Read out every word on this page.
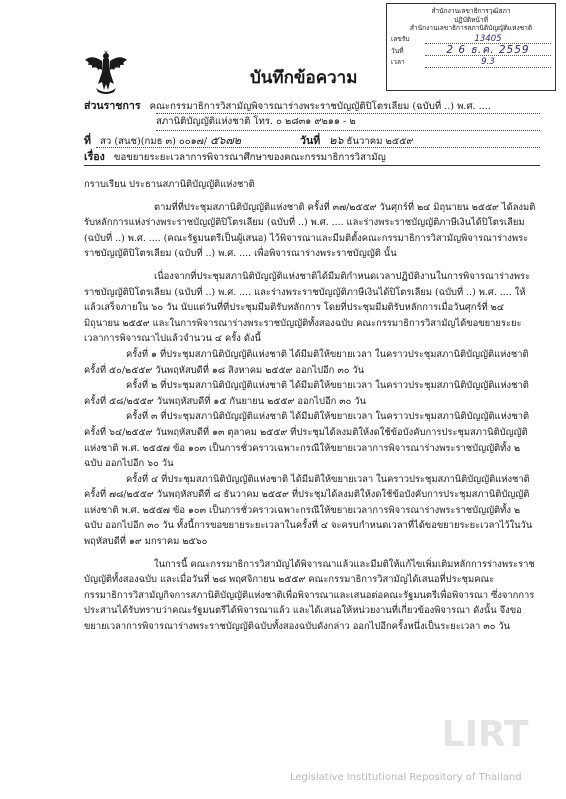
สำนักงานเลขาธิการวุฒิสภา
ปฏิบัติหน้าที่
สำนักงานเลขาธิการสภานิติบัญญัติแห่งชาติ
เลขรับ	13405
วันที่	2 6 ธ.ค. 2559
เวลา	9.3
บันทึกข้อความ
ส่วนราชการ คณะกรรมาธิการวิสามัญพิจารณาร่างพระราชบัญญัติปิโตรเลียม (ฉบับที่ ..) พ.ศ. ....
สภานิติบัญญัติแห่งชาติ โทร. ๐ ๒๘๓๑ ๙๒๑๑ - ๒
ที่ สว (สนช)(กมธ ๓) ๐๐๑๗/ ๕๖๗๒	วันที่ ๒๖ ธันวาคม ๒๕๕๙
เรื่อง ขอขยายระยะเวลาการพิจารณาศึกษาของคณะกรรมาธิการวิสามัญ

กราบเรียน ประธานสภานิติบัญญัติแห่งชาติ

ตามที่ที่ประชุมสภานิติบัญญัติแห่งชาติ ครั้งที่ ๓๗/๒๕๕๙ วันศุกร์ที่ ๒๔ มิถุนายน ๒๕๕๙ ได้ลงมติรับหลักการแห่งร่างพระราชบัญญัติปิโตรเลียม (ฉบับที่ ..) พ.ศ. .... และร่างพระราชบัญญัติภาษีเงินได้ปิโตรเลียม (ฉบับที่ ..) พ.ศ. .... (คณะรัฐมนตรีเป็นผู้เสนอ) ไว้พิจารณาและมีมติตั้งคณะกรรมาธิการวิสามัญพิจารณาร่างพระราชบัญญัติปิโตรเลียม (ฉบับที่ ..) พ.ศ. .... เพื่อพิจารณาร่างพระราชบัญญัติ นั้น

เนื่องจากที่ประชุมสภานิติบัญญัติแห่งชาติได้มีมติกำหนดเวลาปฏิบัติงานในการพิจารณาร่างพระราชบัญญัติปิโตรเลียม (ฉบับที่ ..) พ.ศ. .... และร่างพระราชบัญญัติภาษีเงินได้ปิโตรเลียม (ฉบับที่ ..) พ.ศ. .... ให้แล้วเสร็จภายใน ๖๐ วัน นับแต่วันที่ที่ประชุมมีมติรับหลักการ โดยที่ประชุมมีมติรับหลักการเมื่อวันศุกร์ที่ ๒๔ มิถุนายน ๒๕๕๙ และในการพิจารณาร่างพระราชบัญญัติทั้งสองฉบับ คณะกรรมาธิการวิสามัญได้ขอขยายระยะเวลาการพิจารณาไปแล้วจำนวน ๔ ครั้ง ดังนี้

ครั้งที่ ๑ ที่ประชุมสภานิติบัญญัติแห่งชาติ ได้มีมติให้ขยายเวลา ในคราวประชุมสภานิติบัญญัติแห่งชาติ ครั้งที่ ๕๐/๒๕๕๙ วันพฤหัสบดีที่ ๑๘ สิงหาคม ๒๕๕๙ ออกไปอีก ๓๐ วัน

ครั้งที่ ๒ ที่ประชุมสภานิติบัญญัติแห่งชาติ ได้มีมติให้ขยายเวลา ในคราวประชุมสภานิติบัญญัติแห่งชาติ ครั้งที่ ๕๘/๒๕๕๙ วันพฤหัสบดีที่ ๑๕ กันยายน ๒๕๕๙ ออกไปอีก ๓๐ วัน

ครั้งที่ ๓ ที่ประชุมสภานิติบัญญัติแห่งชาติ ได้มีมติให้ขยายเวลา ในคราวประชุมสภานิติบัญญัติแห่งชาติ ครั้งที่ ๖๔/๒๕๕๙ วันพฤหัสบดีที่ ๑๓ ตุลาคม ๒๕๕๙ ที่ประชุมได้ลงมติให้งดใช้ข้อบังคับการประชุมสภานิติบัญญัติแห่งชาติ พ.ศ. ๒๕๕๗ ข้อ ๑๐๓ เป็นการชั่วคราวเฉพาะกรณีให้ขยายเวลาการพิจารณาร่างพระราชบัญญัติทั้ง ๒ ฉบับ ออกไปอีก ๖๐ วัน

ครั้งที่ ๔ ที่ประชุมสภานิติบัญญัติแห่งชาติ ได้มีมติให้ขยายเวลา ในคราวประชุมสภานิติบัญญัติแห่งชาติ ครั้งที่ ๗๘/๒๕๕๙ วันพฤหัสบดีที่ ๘ ธันวาคม ๒๕๕๙ ที่ประชุมได้ลงมติให้งดใช้ข้อบังคับการประชุมสภานิติบัญญัติแห่งชาติ พ.ศ. ๒๕๕๗ ข้อ ๑๐๓ เป็นการชั่วคราวเฉพาะกรณีให้ขยายเวลาการพิจารณาร่างพระราชบัญญัติทั้ง ๒ ฉบับ ออกไปอีก ๓๐ วัน ทั้งนี้การขอขยายระยะเวลาในครั้งที่ ๔ จะครบกำหนดเวลาที่ได้ขอขยายระยะเวลาไว้ในวันพฤหัสบดีที่ ๑๙ มกราคม ๒๕๖๐

ในการนี้ คณะกรรมาธิการวิสามัญได้พิจารณาแล้วและมีมติให้แก้ไขเพิ่มเติมหลักการร่างพระราชบัญญัติทั้งสองฉบับ และเมื่อวันที่ ๒๘ พฤศจิกายน ๒๕๕๙ คณะกรรมาธิการวิสามัญได้เสนอที่ประชุมคณะกรรมาธิการวิสามัญกิจการสภานิติบัญญัติแห่งชาติเพื่อพิจารณาและเสนอต่อคณะรัฐมนตรีเพื่อพิจารณา ซึ่งจากการประสานได้รับทราบว่าคณะรัฐมนตรีได้พิจารณาแล้ว และได้เสนอให้หน่วยงานที่เกี่ยวข้องพิจารณา ดังนั้น จึงขอขยายเวลาการพิจารณาร่างพระราชบัญญัติฉบับทั้งสองฉบับดังกล่าว ออกไปอีกครั้งหนึ่งเป็นระยะเวลา ๓๐ วัน

LIRT
Legislative Institutional Repository of Thailand
